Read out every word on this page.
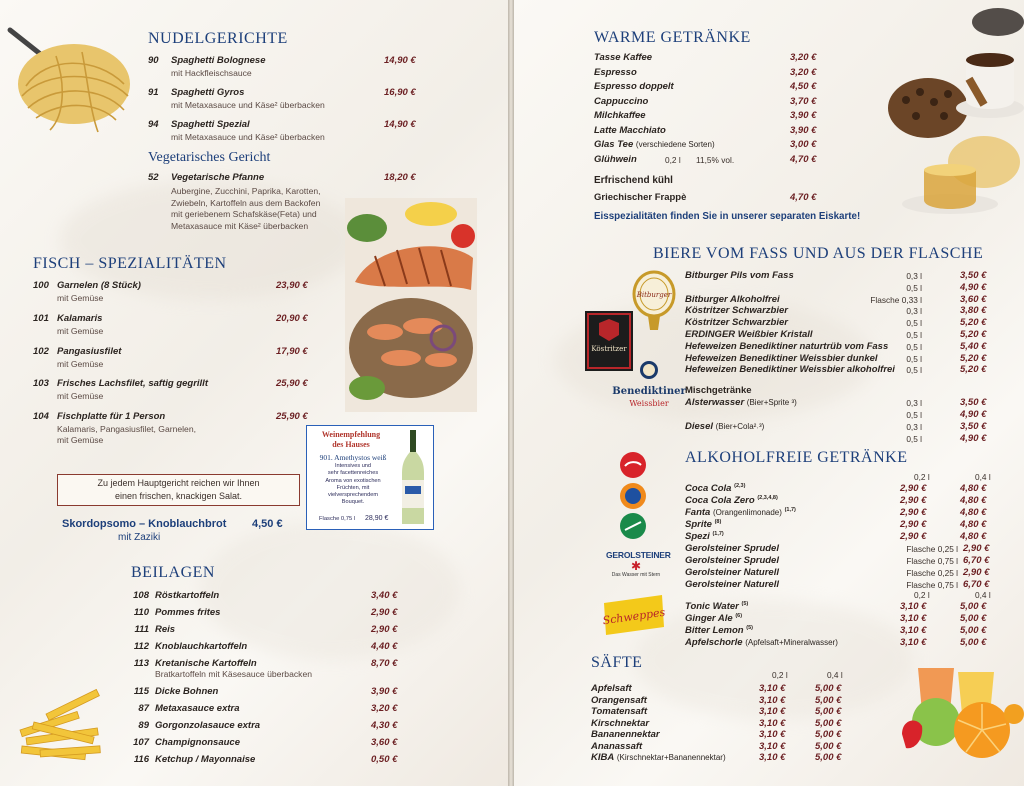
NUDELGERICHTE
90 Spaghetti Bolognese	14,90 €
mit Hackfleischsauce
91 Spaghetti Gyros	16,90 €
mit Metaxasauce und Käse² überbacken
94 Spaghetti Spezial	14,90 €
mit Metaxasauce und Käse² überbacken
Vegetarisches Gericht
52 Vegetarische Pfanne	18,20 €
Aubergine, Zucchini, Paprika, Karotten,
Zwiebeln, Kartoffeln aus dem Backofen
mit geriebenem Schafskäse(Feta) und
Metaxasauce mit Käse² überbacken
FISCH – SPEZIALITÄTEN
100 Garnelen (8 Stück)	23,90 €
mit Gemüse
101 Kalamaris	20,90 €
mit Gemüse
102 Pangasiusfilet	17,90 €
mit Gemüse
103 Frisches Lachsfilet, saftig gegrillt	25,90 €
mit Gemüse
104 Fischplatte für 1 Person	25,90 €
Kalamaris, Pangasiusfilet, Garnelen,
mit Gemüse
Zu jedem Hauptgericht reichen wir Ihnen
einen frischen, knackigen Salat.
Weinempfehlung
des Hauses
901. Amethystos weiß
Intensives und
sehr facettenreiches
Aroma von exotischen
Früchten, mit
vielversprechendem
Bouquet.
Flasche 0,75 l 28,90 €
Skordopsomo – Knoblauchbrot 4,50 €
mit Zaziki
BEILAGEN
108 Röstkartoffeln	3,40 €
110 Pommes frites	2,90 €
111 Reis	2,90 €
112 Knoblauchkartoffeln	4,40 €
113 Kretanische Kartoffeln	8,70 €
Bratkartoffeln mit Käsesauce überbacken
115 Dicke Bohnen	3,90 €
87 Metaxasauce extra	3,20 €
89 Gorgonzolasauce extra	4,30 €
107 Champignonsauce	3,60 €
116 Ketchup / Mayonnaise	0,50 €
WARME GETRÄNKE
Tasse Kaffee	3,20 €
Espresso	3,20 €
Espresso doppelt	4,50 €
Cappuccino	3,70 €
Milchkaffee	3,90 €
Latte Macchiato	3,90 €
Glas Tee (verschiedene Sorten)	3,00 €
Glühwein	0,2 l 11,5% vol.	4,70 €
Erfrischend kühl
Griechischer Frappè	4,70 €
Eisspezialitäten finden Sie in unserer separaten Eiskarte!
BIERE VOM FASS UND AUS DER FLASCHE
Bitburger Pils vom Fass	0,3 l	3,50 €
0,5 l	4,90 €
Bitburger Alkoholfrei	Flasche 0,33 l	3,60 €
Köstritzer Schwarzbier	0,3 l	3,80 €
Köstritzer Schwarzbier	0,5 l	5,20 €
ERDINGER Weißbier Kristall	0,5 l	5,20 €
Hefeweizen Benediktiner naturtrüb vom Fass 0,5 l	5,40 €
Hefeweizen Benediktiner Weissbier dunkel	0,5 l	5,20 €
Hefeweizen Benediktiner Weissbier alkoholfrei 0,5 l	5,20 €
Mischgetränke
Alsterwasser (Bier+Sprite ³)	0,3 l	3,50 €
0,5 l	4,90 €
Diesel (Bier+Cola²˒³)	0,3 l	3,50 €
0,5 l	4,90 €
Bitburger
Köstritzer
Benediktiner
Weissbier
ALKOHOLFREIE GETRÄNKE
0,2 l	0,4 l
Coca Cola $^{(2,3)}$	2,90 €	4,80 €
Coca Cola Zero $^{(2,3,4,8)}$	2,90 €	4,80 €
Fanta (Orangenlimonade) $^{(1,7)}$	2,90 €	4,80 €
Sprite $^{(8)}$	2,90 €	4,80 €
Spezi $^{(1,7)}$	2,90 €	4,80 €
Gerolsteiner Sprudel	Flasche 0,25 l 2,90 €
Gerolsteiner Sprudel	Flasche 0,75 l 6,70 €
Gerolsteiner Naturell	Flasche 0,25 l 2,90 €
Gerolsteiner Naturell	Flasche 0,75 l 6,70 €
0,2 l	0,4 l
Tonic Water $^{(5)}$	3,10 €	5,00 €
Ginger Ale $^{(6)}$	3,10 €	5,00 €
Bitter Lemon $^{(5)}$	3,10 €	5,00 €
Apfelschorle (Apfelsaft+Mineralwasser)	3,10 €	5,00 €
GEROLSTEINER
✱
Das Wasser mit Stern
Schweppes
SÄFTE
0,2 l	0,4 l
Apfelsaft	3,10 €	5,00 €
Orangensaft	3,10 €	5,00 €
Tomatensaft	3,10 €	5,00 €
Kirschnektar	3,10 €	5,00 €
Bananennektar	3,10 €	5,00 €
Ananassaft	3,10 €	5,00 €
KIBA (Kirschnektar+Bananennektar)	3,10 €	5,00 €
